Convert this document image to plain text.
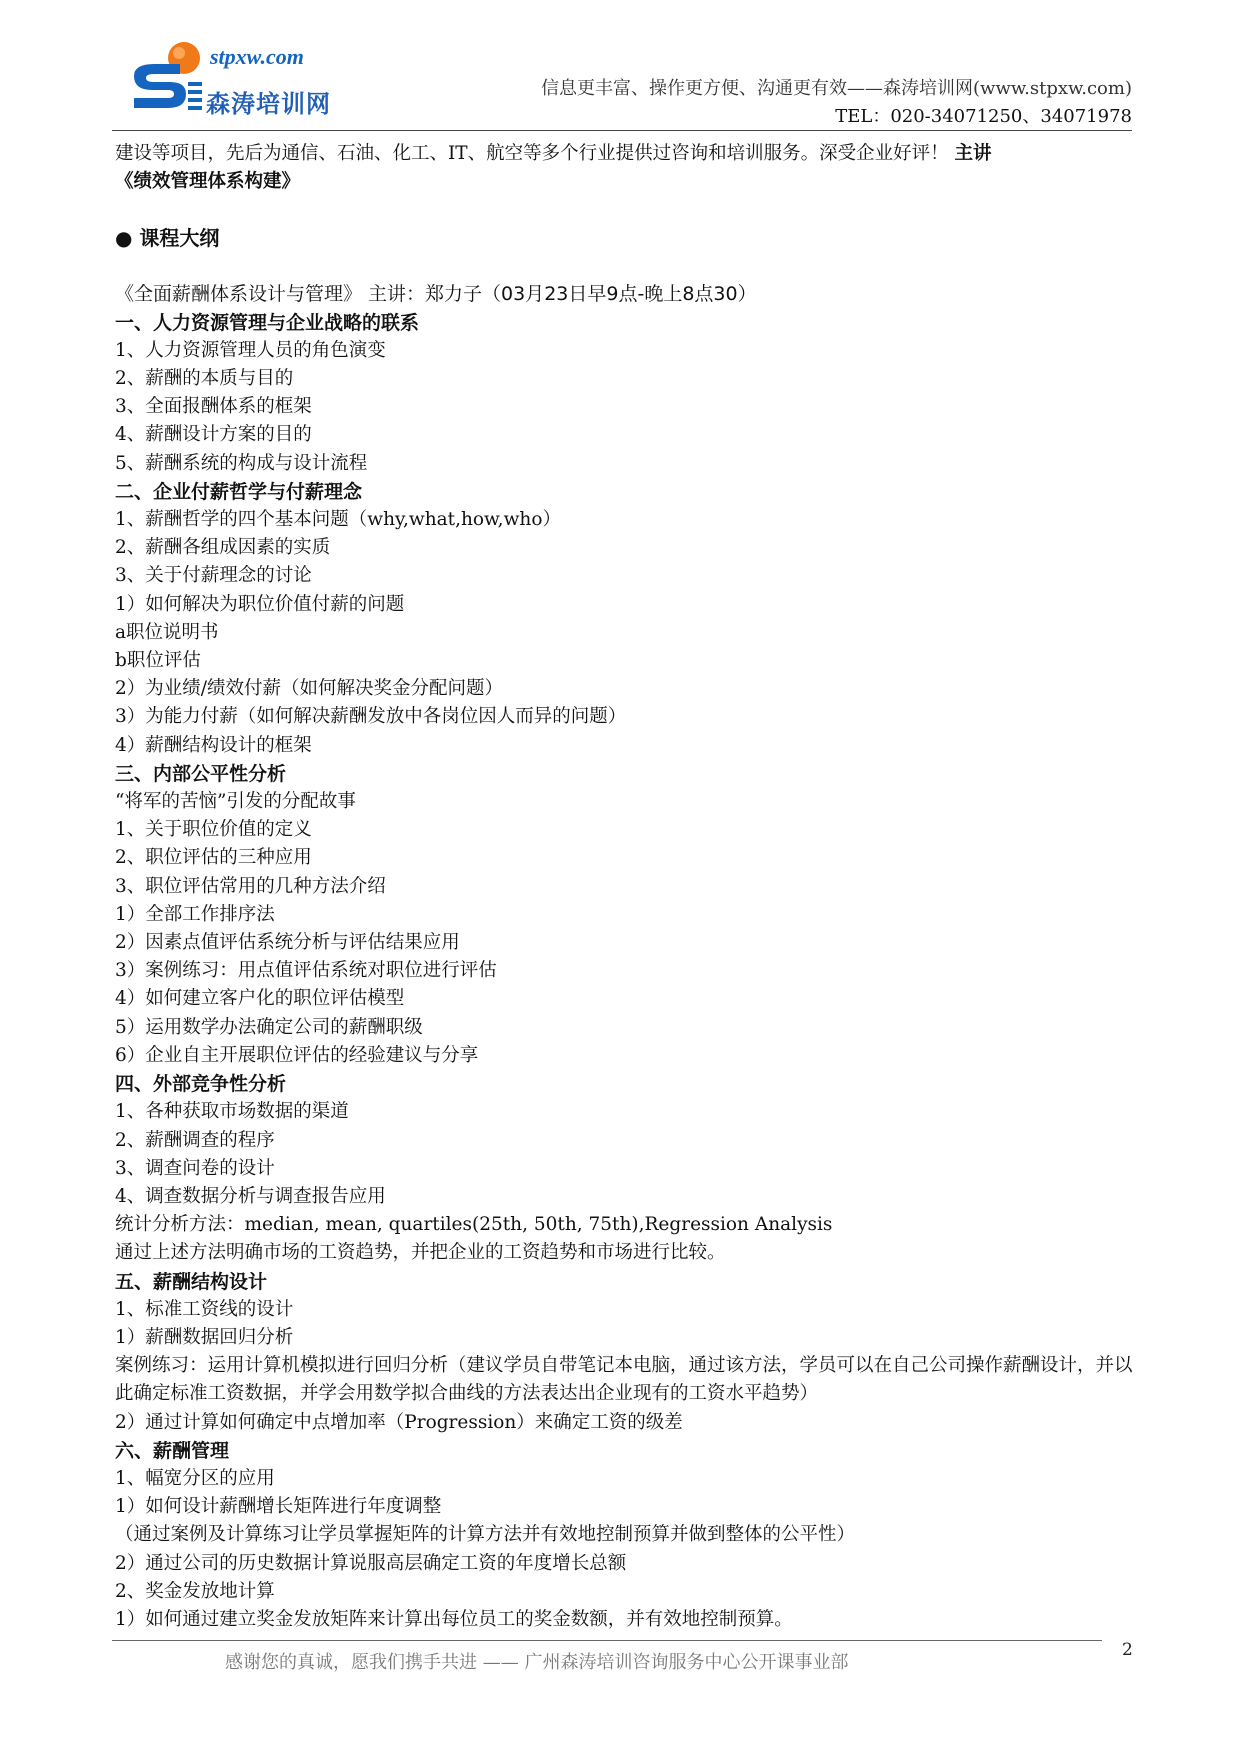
stpxw.com
森涛培训网
信息更丰富、操作更方便、沟通更有效——森涛培训网(www.stpxw.com)
TEL：020-34071250、34071978
建设等项目，先后为通信、石油、化工、IT、航空等多个行业提供过咨询和培训服务。深受企业好评！ 主讲
《绩效管理体系构建》
● 课程大纲
《全面薪酬体系设计与管理》 主讲：郑力子（03月23日早9点-晚上8点30）
一、人力资源管理与企业战略的联系
1、人力资源管理人员的角色演变
2、薪酬的本质与目的
3、全面报酬体系的框架
4、薪酬设计方案的目的
5、薪酬系统的构成与设计流程
二、企业付薪哲学与付薪理念
1、薪酬哲学的四个基本问题（why,what,how,who）
2、薪酬各组成因素的实质
3、关于付薪理念的讨论
1）如何解决为职位价值付薪的问题
a职位说明书
b职位评估
2）为业绩/绩效付薪（如何解决奖金分配问题）
3）为能力付薪（如何解决薪酬发放中各岗位因人而异的问题）
4）薪酬结构设计的框架
三、内部公平性分析
“将军的苦恼”引发的分配故事
1、关于职位价值的定义
2、职位评估的三种应用
3、职位评估常用的几种方法介绍
1）全部工作排序法
2）因素点值评估系统分析与评估结果应用
3）案例练习：用点值评估系统对职位进行评估
4）如何建立客户化的职位评估模型
5）运用数学办法确定公司的薪酬职级
6）企业自主开展职位评估的经验建议与分享
四、外部竞争性分析
1、各种获取市场数据的渠道
2、薪酬调查的程序
3、调查问卷的设计
4、调查数据分析与调查报告应用
统计分析方法：median, mean, quartiles(25th, 50th, 75th),Regression Analysis
通过上述方法明确市场的工资趋势，并把企业的工资趋势和市场进行比较。
五、薪酬结构设计
1、标准工资线的设计
1）薪酬数据回归分析
案例练习：运用计算机模拟进行回归分析（建议学员自带笔记本电脑，通过该方法，学员可以在自己公司操作薪酬设计，并以此确定标准工资数据，并学会用数学拟合曲线的方法表达出企业现有的工资水平趋势）
2）通过计算如何确定中点增加率（Progression）来确定工资的级差
六、薪酬管理
1、幅宽分区的应用
1）如何设计薪酬增长矩阵进行年度调整
（通过案例及计算练习让学员掌握矩阵的计算方法并有效地控制预算并做到整体的公平性）
2）通过公司的历史数据计算说服高层确定工资的年度增长总额
2、奖金发放地计算
1）如何通过建立奖金发放矩阵来计算出每位员工的奖金数额，并有效地控制预算。
感谢您的真诚，愿我们携手共进 —— 广州森涛培训咨询服务中心公开课事业部
2
